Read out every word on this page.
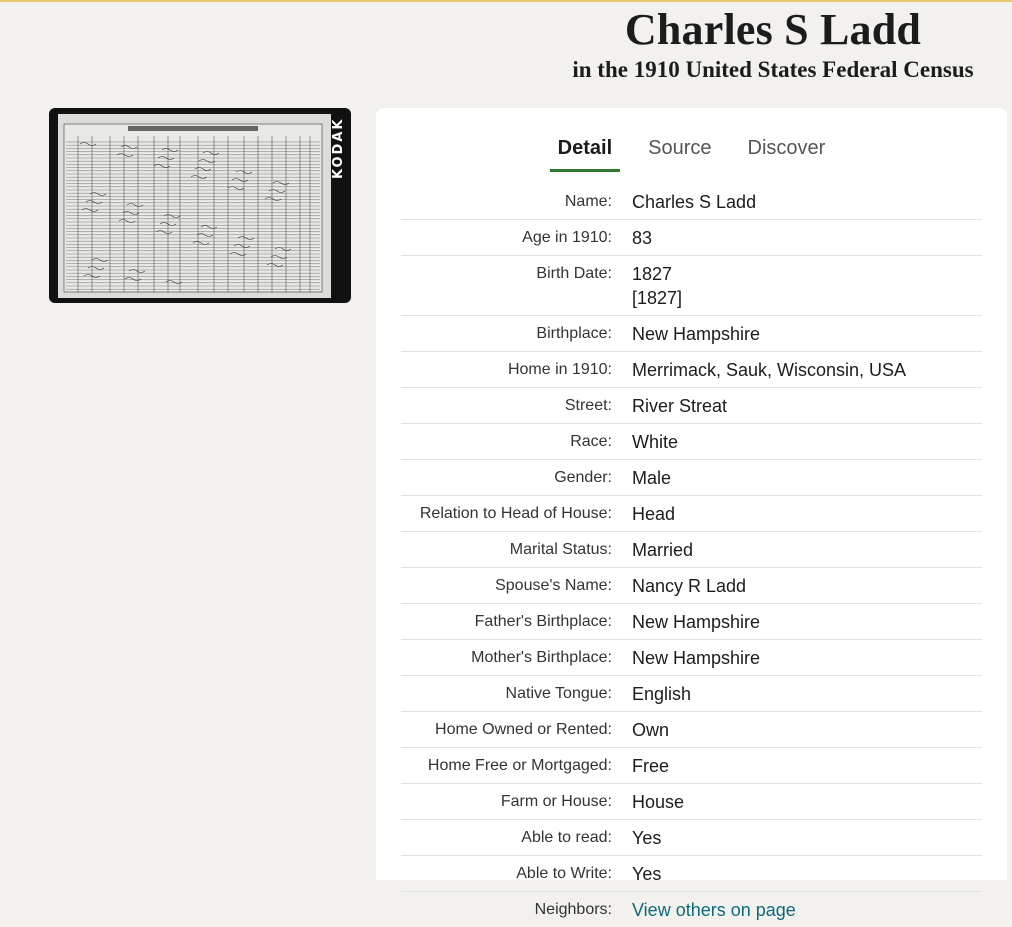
Charles S Ladd
in the 1910 United States Federal Census
KODAK	Detail	Source	Discover
Name: Charles S Ladd
Age in 1910: 83
Birth Date: 1827
[1827]
Birthplace: New Hampshire
Home in 1910: Merrimack, Sauk, Wisconsin, USA
Street: River Streat
Race: White
Gender: Male
Relation to Head of House: Head
Marital Status: Married
Spouse's Name: Nancy R Ladd
Father's Birthplace: New Hampshire
Mother's Birthplace: New Hampshire
Native Tongue: English
Home Owned or Rented: Own
Home Free or Mortgaged: Free
Farm or House: House
Able to read: Yes
Able to Write: Yes
Neighbors: View others on page
